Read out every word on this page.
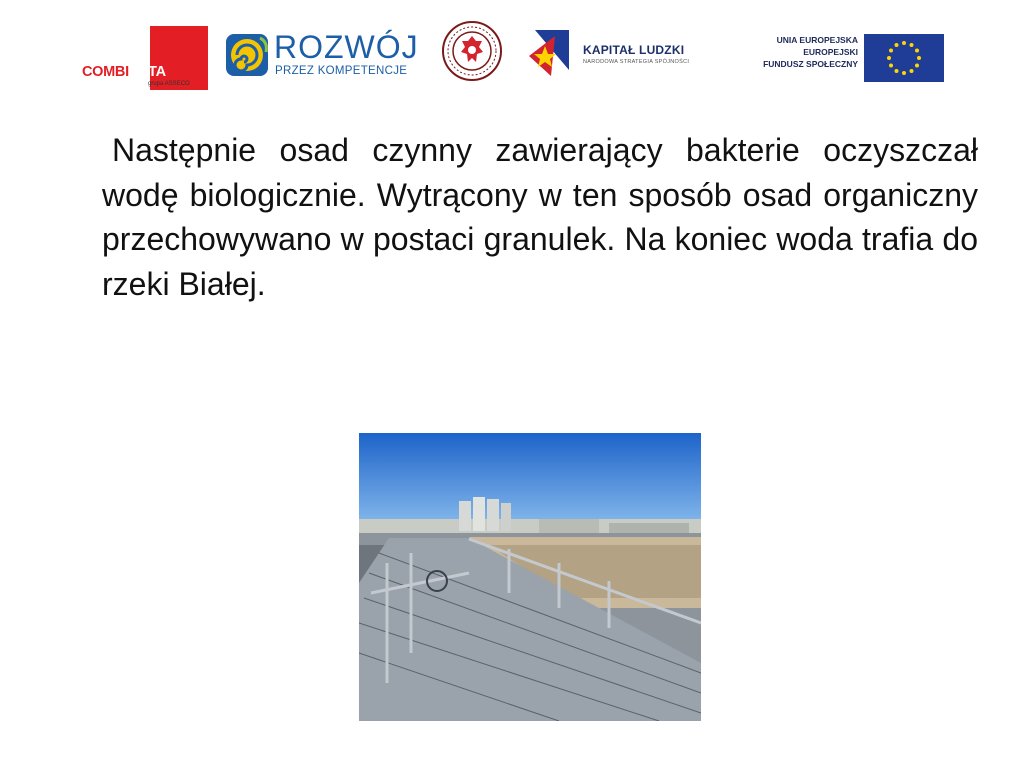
COMBIDATA
grupa ASSECO
ROZWÓJ
PRZEZ KOMPETENCJE
KAPITAŁ LUDZKI
NARODOWA STRATEGIA SPÓJNOŚCI
UNIA EUROPEJSKA
EUROPEJSKI
FUNDUSZ SPOŁECZNY

Następnie osad czynny zawierający bakterie oczyszczał wodę biologicznie. Wytrącony w ten sposób osad organiczny przechowywano w postaci granulek. Na koniec woda trafia do rzeki Białej.
